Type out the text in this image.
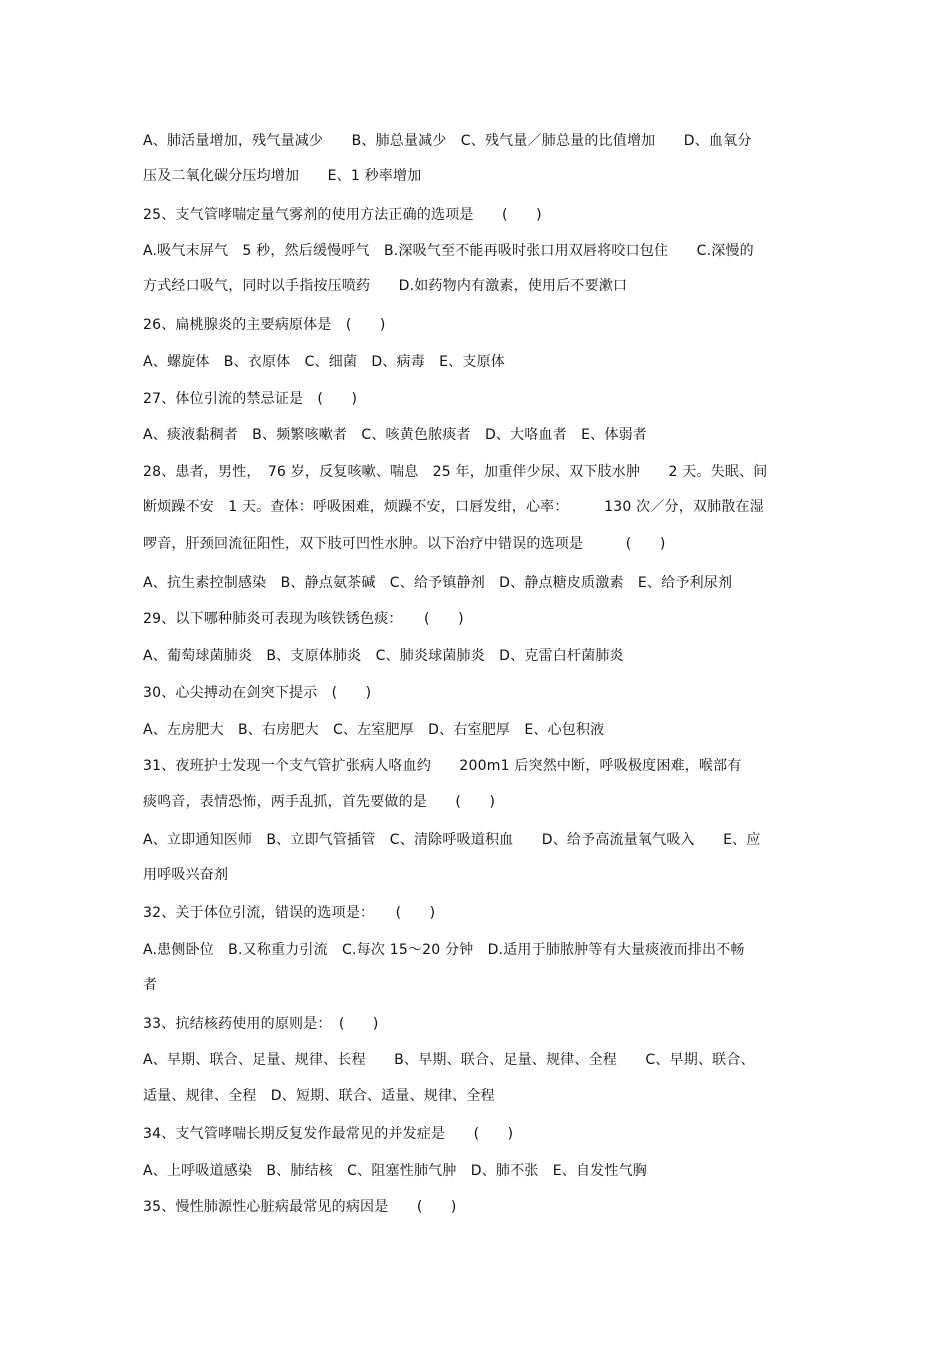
A、肺活量增加，残气量减少　　B、肺总量减少　C、残气量／肺总量的比值增加　　D、血氧分
压及二氧化碳分压均增加　　E、1 秒率增加
25、支气管哮喘定量气雾剂的使用方法正确的选项是　　(　　)
A.吸气末屏气　5 秒，然后缓慢呼气　B.深吸气至不能再吸时张口用双唇将咬口包住　　C.深慢的
方式经口吸气，同时以手指按压喷药　　D.如药物内有激素，使用后不要漱口
26、扁桃腺炎的主要病原体是　(　　)
A、螺旋体　B、衣原体　C、细菌　D、病毒　E、支原体
27、体位引流的禁忌证是　(　　)
A、痰液黏稠者　B、频繁咳嗽者　C、咳黄色脓痰者　D、大咯血者　E、体弱者
28、患者，男性，　76 岁，反复咳嗽、喘息　25 年，加重伴少尿、双下肢水肿　　2 天。失眠、间
断烦躁不安　1 天。查体：呼吸困难，烦躁不安，口唇发绀，心率：　　　130 次／分，双肺散在湿
啰音，肝颈回流征阳性，双下肢可凹性水肿。以下治疗中错误的选项是　　　(　　)
A、抗生素控制感染　B、静点氨茶碱　C、给予镇静剂　D、静点糖皮质激素　E、给予利尿剂
29、以下哪种肺炎可表现为咳铁锈色痰：　　(　　)
A、葡萄球菌肺炎　B、支原体肺炎　C、肺炎球菌肺炎　D、克雷白杆菌肺炎
30、心尖搏动在剑突下提示　(　　)
A、左房肥大　B、右房肥大　C、左室肥厚　D、右室肥厚　E、心包积液
31、夜班护士发现一个支气管扩张病人咯血约　　200m1 后突然中断，呼吸极度困难，喉部有
痰鸣音，表情恐怖，两手乱抓，首先要做的是　　(　　)
A、立即通知医师　B、立即气管插管　C、清除呼吸道积血　　D、给予高流量氧气吸入　　E、应
用呼吸兴奋剂
32、关于体位引流，错误的选项是：　　(　　)
A.患侧卧位　B.又称重力引流　C.每次 15～20 分钟　D.适用于肺脓肿等有大量痰液而排出不畅
者
33、抗结核药使用的原则是：　(　　)
A、早期、联合、足量、规律、长程　　B、早期、联合、足量、规律、全程　　C、早期、联合、
适量、规律、全程　D、短期、联合、适量、规律、全程
34、支气管哮喘长期反复发作最常见的并发症是　　(　　)
A、上呼吸道感染　B、肺结核　C、阻塞性肺气肿　D、肺不张　E、自发性气胸
35、慢性肺源性心脏病最常见的病因是　　(　　)
